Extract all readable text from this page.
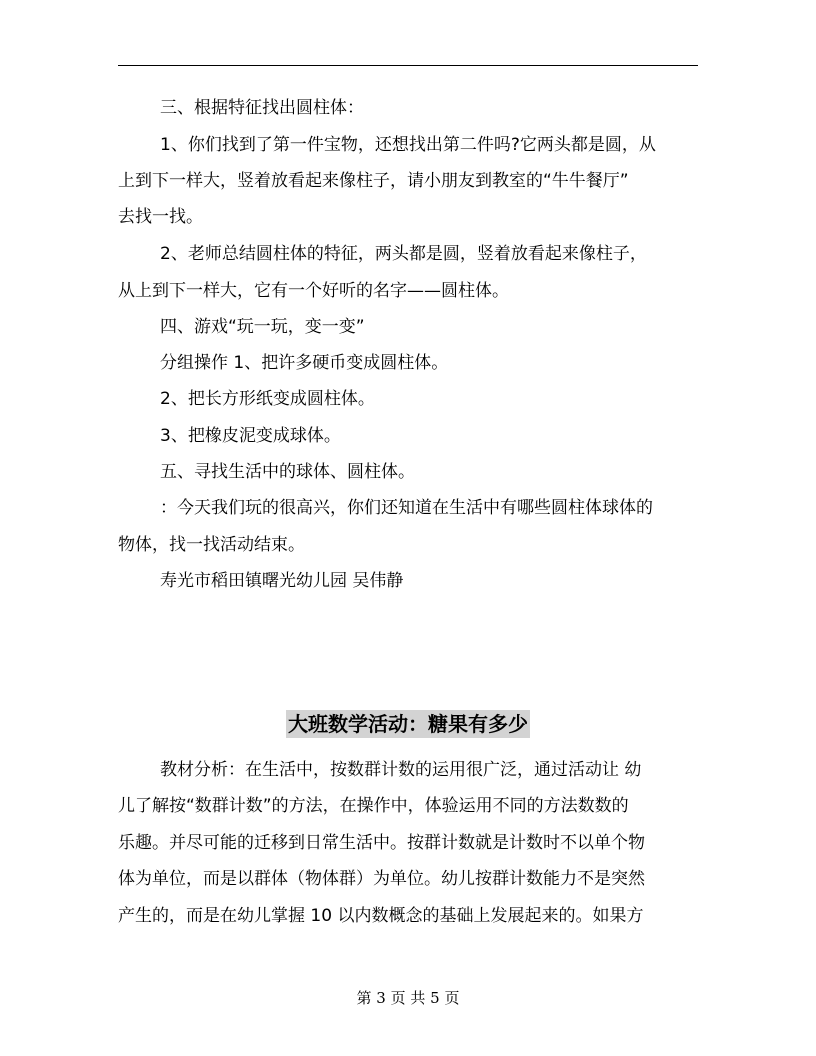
三、根据特征找出圆柱体：
1、你们找到了第一件宝物，还想找出第二件吗?它两头都是圆，从
上到下一样大，竖着放看起来像柱子，请小朋友到教室的“牛牛餐厅”
去找一找。
2、老师总结圆柱体的特征，两头都是圆，竖着放看起来像柱子，
从上到下一样大，它有一个好听的名字——圆柱体。
四、游戏“玩一玩，变一变”
分组操作 1、把许多硬币变成圆柱体。
2、把长方形纸变成圆柱体。
3、把橡皮泥变成球体。
五、寻找生活中的球体、圆柱体。
：今天我们玩的很高兴，你们还知道在生活中有哪些圆柱体球体的
物体，找一找活动结束。
寿光市稻田镇曙光幼儿园 吴伟静
大班数学活动：糖果有多少
教材分析：在生活中，按数群计数的运用很广泛，通过活动让 幼
儿了解按“数群计数”的方法，在操作中，体验运用不同的方法数数的
乐趣。并尽可能的迁移到日常生活中。按群计数就是计数时不以单个物
体为单位，而是以群体（物体群）为单位。幼儿按群计数能力不是突然
产生的，而是在幼儿掌握 10 以内数概念的基础上发展起来的。如果方
第 3 页 共 5 页
